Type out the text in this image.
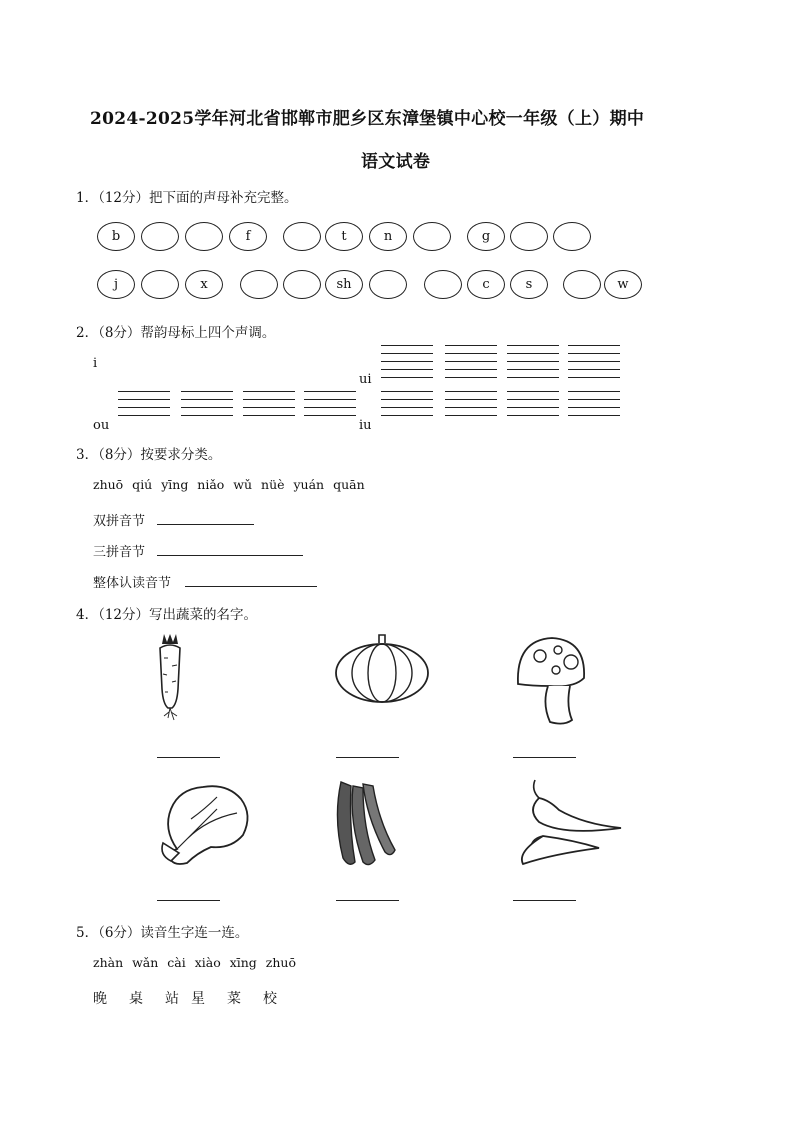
2024-2025学年河北省邯郸市肥乡区东漳堡镇中心校一年级（上）期中
语文试卷
1．（12分）把下面的声母补充完整。
b	f	t	n	g
j	x	sh	c	s	w
2．（8分）帮韵母标上四个声调。
i
ui
ou	iu
3．（8分）按要求分类。
zhuō qiú yīng niǎo wǔ nüè yuán quān
双拼音节
三拼音节
整体认读音节
4．（12分）写出蔬菜的名字。
5．（6分）读音生字连一连。
zhàn wǎn cài xiào xīng zhuō
晚 桌 站 星 菜 校
